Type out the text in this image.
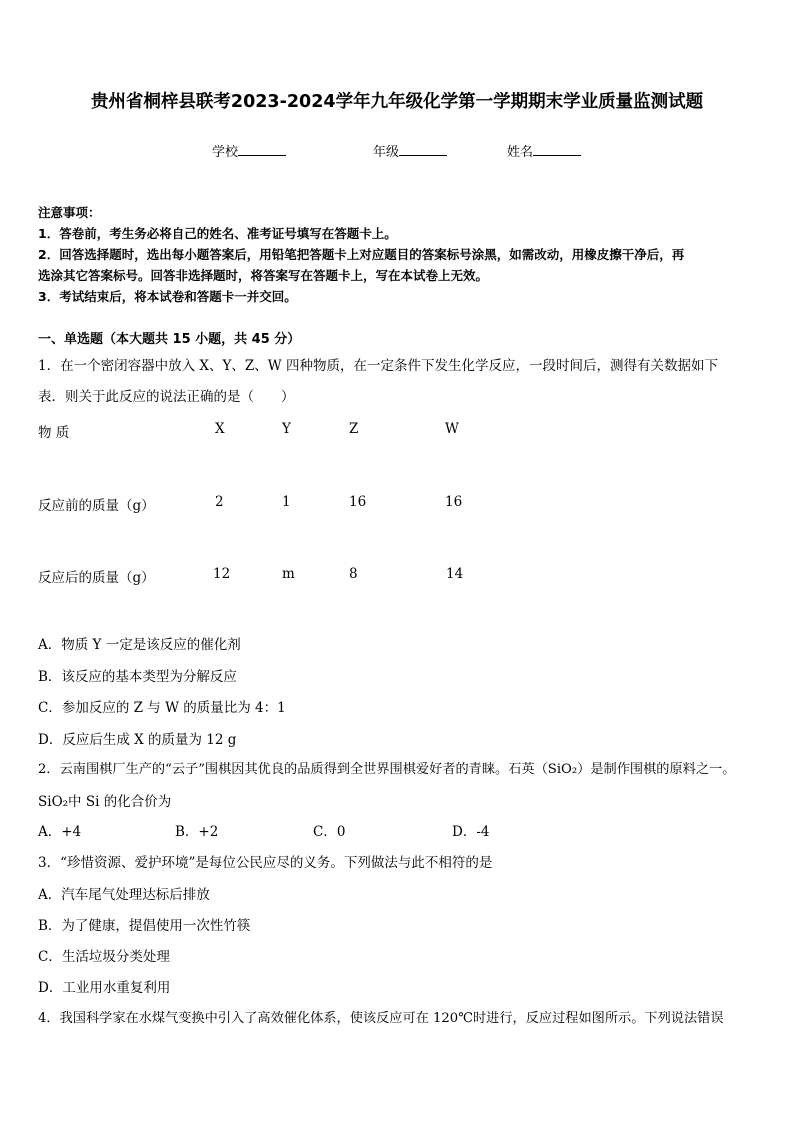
贵州省桐梓县联考2023-2024学年九年级化学第一学期期末学业质量监测试题
学校	年级	姓名
注意事项：
1．答卷前，考生务必将自己的姓名、准考证号填写在答题卡上。
2．回答选择题时，选出每小题答案后，用铅笔把答题卡上对应题目的答案标号涂黑，如需改动，用橡皮擦干净后，再
选涂其它答案标号。回答非选择题时，将答案写在答题卡上，写在本试卷上无效。
3．考试结束后，将本试卷和答题卡一并交回。
一、单选题（本大题共 15 小题，共 45 分）
1．在一个密闭容器中放入 X、Y、Z、W 四种物质，在一定条件下发生化学反应，一段时间后，测得有关数据如下
表．则关于此反应的说法正确的是（　　）
物 质	X	Y	Z	W
反应前的质量（g）	2	1	16	16
反应后的质量（g）	12	m	8	14
A．物质 Y 一定是该反应的催化剂
B．该反应的基本类型为分解反应
C．参加反应的 Z 与 W 的质量比为 4：1
D．反应后生成 X 的质量为 12 g
2．云南围棋厂生产的“云子”围棋因其优良的品质得到全世界围棋爱好者的青睐。石英（SiO₂）是制作围棋的原料之一。
SiO₂中 Si 的化合价为
A．+4	B．+2	C．0	D．-4
3．“珍惜资源、爱护环境”是每位公民应尽的义务。下列做法与此不相符的是
A．汽车尾气处理达标后排放
B．为了健康，提倡使用一次性竹筷
C．生活垃圾分类处理
D．工业用水重复利用
4．我国科学家在水煤气变换中引入了高效催化体系，使该反应可在 120℃时进行，反应过程如图所示。下列说法错误
